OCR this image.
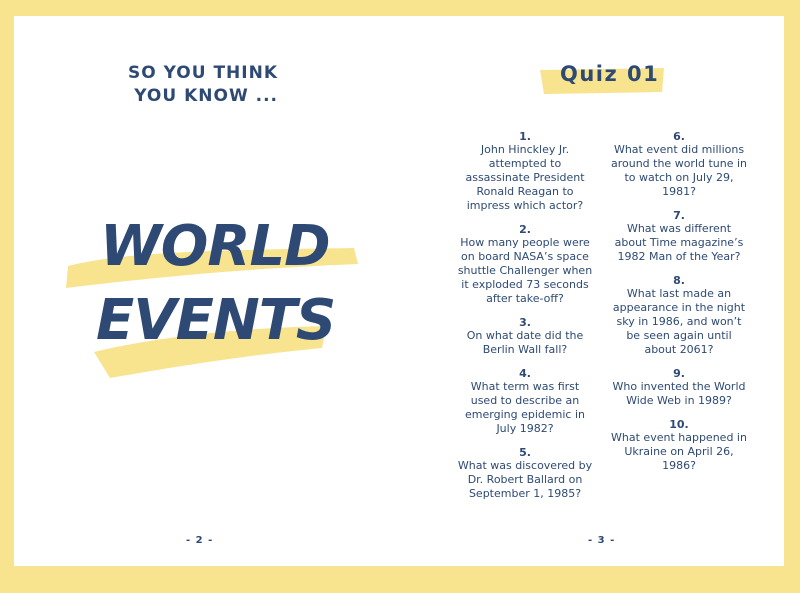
SO YOU THINK
YOU KNOW ...
WORLD
EVENTS
- 2 -
Quiz 01
1.
John Hinckley Jr. attempted to assassinate President Ronald Reagan to impress which actor?
2.
How many people were on board NASA’s space shuttle Challenger when it exploded 73 seconds after take-off?
3.
On what date did the Berlin Wall fall?
4.
What term was first used to describe an emerging epidemic in July 1982?
5.
What was discovered by Dr. Robert Ballard on September 1, 1985?
6.
What event did millions around the world tune in to watch on July 29, 1981?
7.
What was different about Time magazine’s 1982 Man of the Year?
8.
What last made an appearance in the night sky in 1986, and won’t be seen again until about 2061?
9.
Who invented the World Wide Web in 1989?
10.
What event happened in Ukraine on April 26, 1986?
- 3 -
